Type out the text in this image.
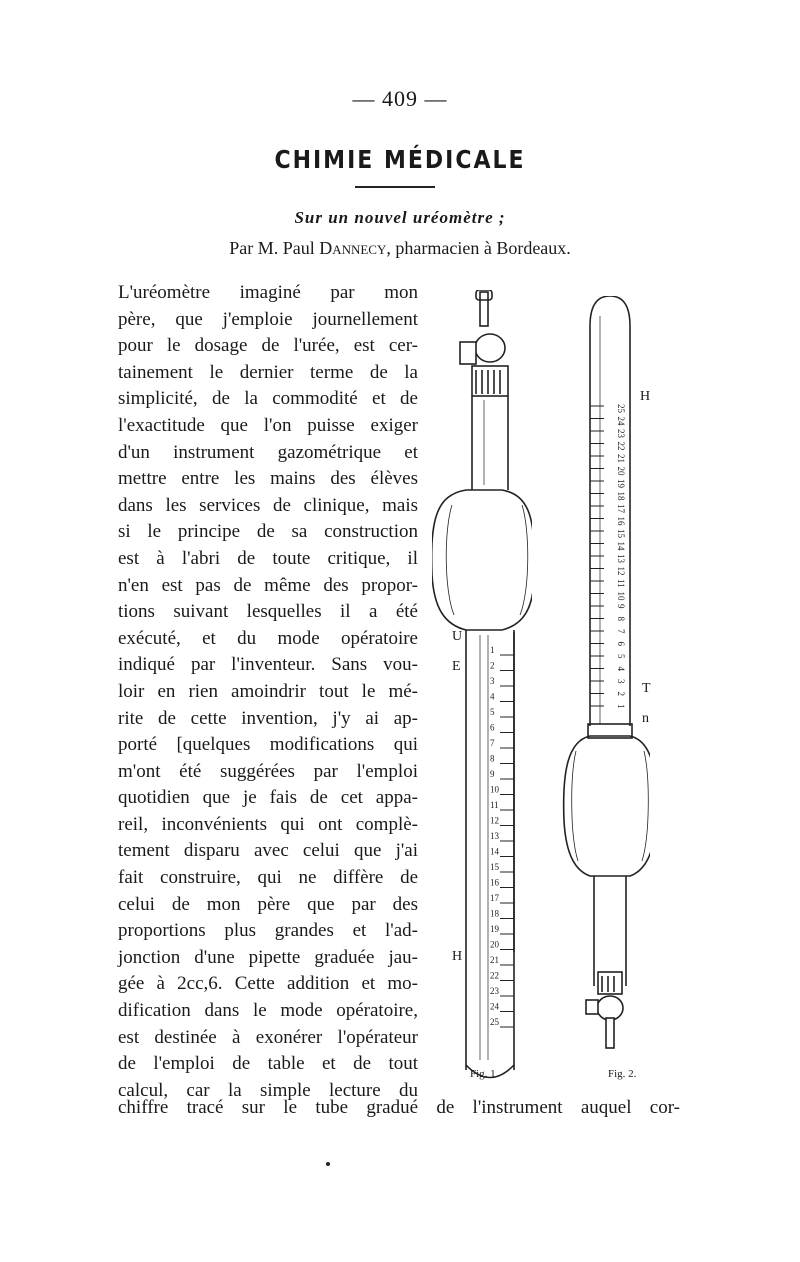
— 409 —
CHIMIE MÉDICALE
Sur un nouvel uréomètre ;
Par M. Paul Dannecy, pharmacien à Bordeaux.
L'uréomètre imaginé par mon
père, que j'emploie journellement
pour le dosage de l'urée, est cer-
tainement le dernier terme de la
simplicité, de la commodité et de
l'exactitude que l'on puisse exiger
d'un instrument gazométrique et
mettre entre les mains des élèves
dans les services de clinique, mais
si le principe de sa construction
est à l'abri de toute critique, il
n'en est pas de même des propor-
tions suivant lesquelles il a été
exécuté, et du mode opératoire
indiqué par l'inventeur. Sans vou-
loir en rien amoindrir tout le mé-
rite de cette invention, j'y ai ap-
porté [quelques modifications qui
m'ont été suggérées par l'emploi
quotidien que je fais de cet appa-
reil, inconvénients qui ont complè-
tement disparu avec celui que j'ai
fait construire, qui ne diffère de
celui de mon père que par des
proportions plus grandes et l'ad-
jonction d'une pipette graduée jau-
gée à 2cc,6. Cette addition et mo-
dification dans le mode opératoire,
est destinée à exonérer l'opérateur
de l'emploi de table et de tout
calcul, car la simple lecture du
chiffre tracé sur le tube gradué de l'instrument auquel cor-
1
2
3
4
5
6
7
8
9
10
11
12
13
14
15
16
17
18
19
20
21
22
23
24
25
U
E
H
Fig. 1.
25
24
23
22
21
20
19
18
17
16
15
14
13
12
11
10
9
8
7
6
5
4
3
2
1
H
T
n
Fig. 2.
